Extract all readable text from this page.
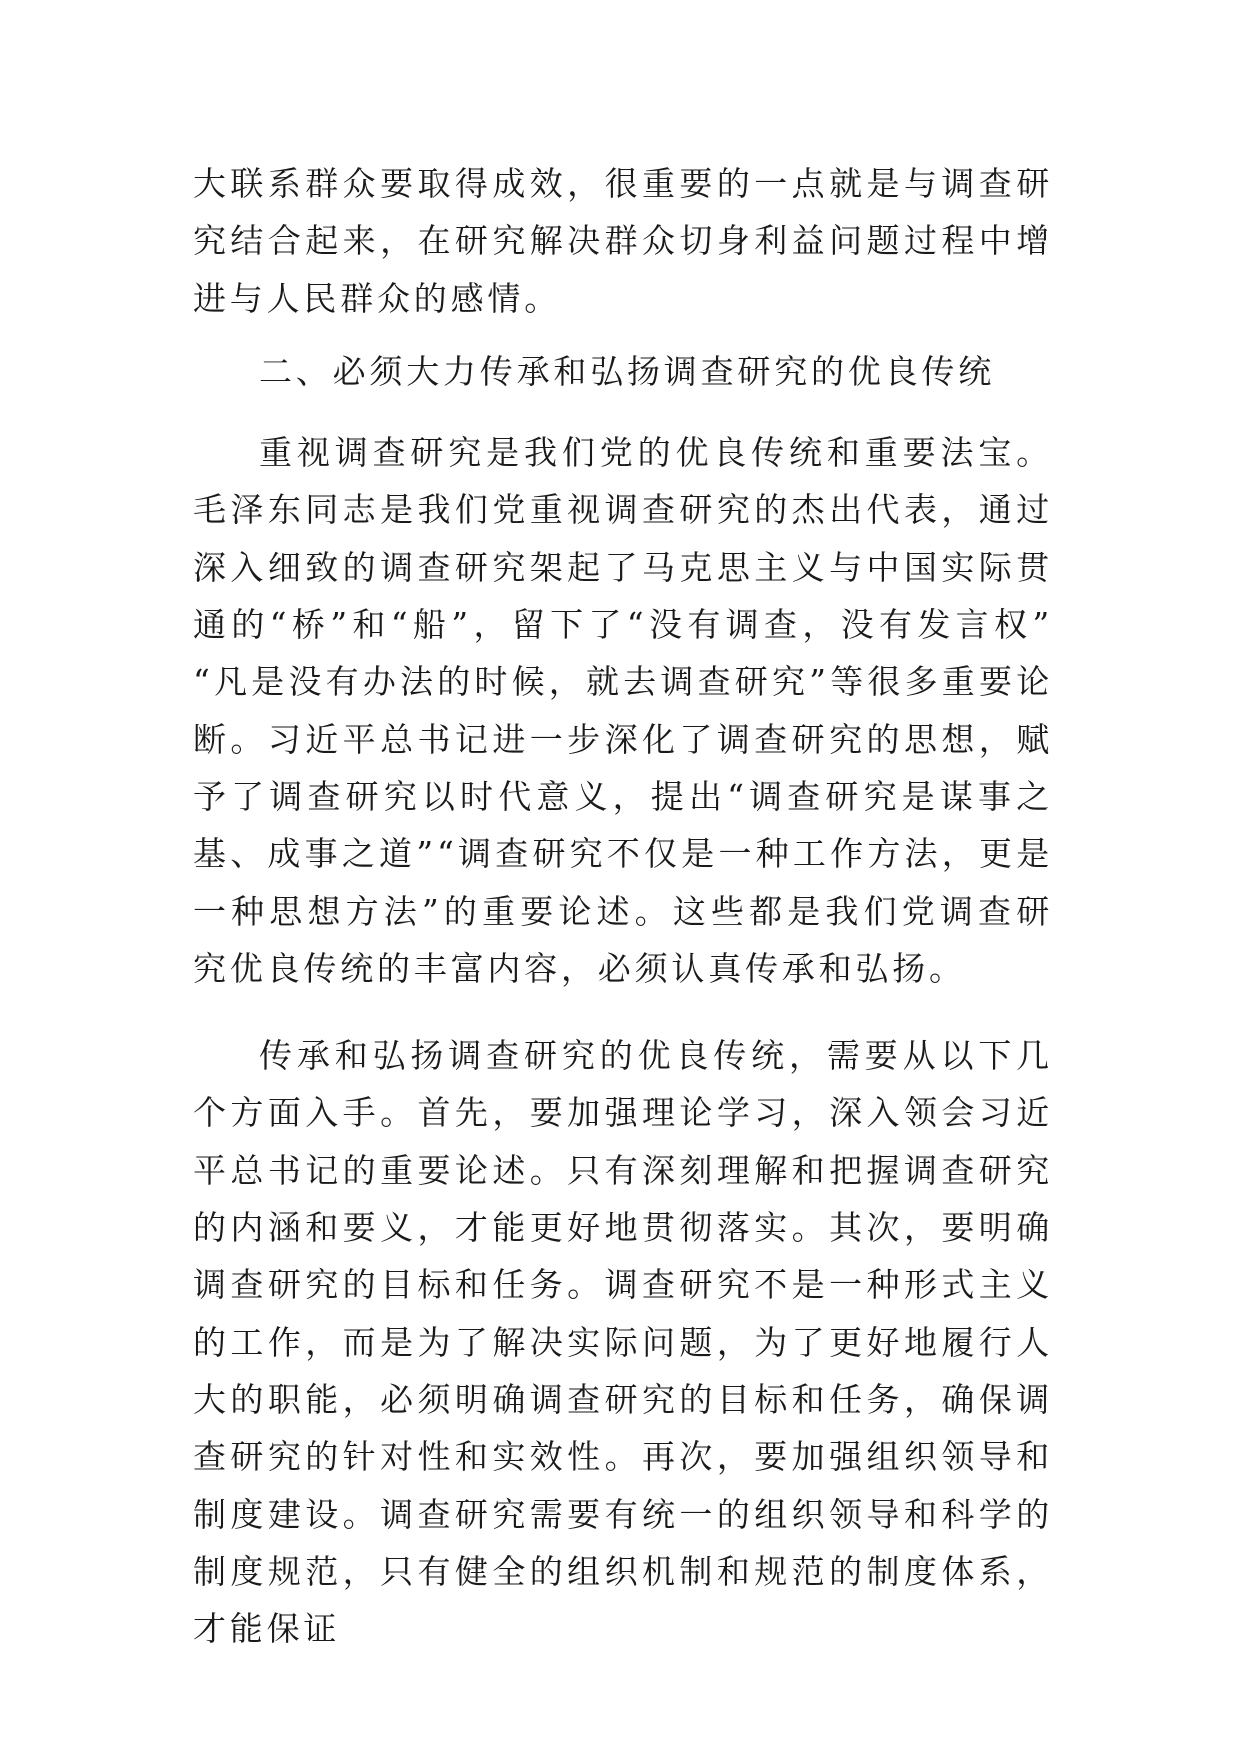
大联系群众要取得成效，很重要的一点就是与调查研究结合起来，在研究解决群众切身利益问题过程中增进与人民群众的感情。

二、必须大力传承和弘扬调查研究的优良传统

重视调查研究是我们党的优良传统和重要法宝。毛泽东同志是我们党重视调查研究的杰出代表，通过深入细致的调查研究架起了马克思主义与中国实际贯通的“桥”和“船”，留下了“没有调查，没有发言权” “凡是没有办法的时候，就去调查研究”等很多重要论断。习近平总书记进一步深化了调查研究的思想，赋予了调查研究以时代意义，提出“调查研究是谋事之基、成事之道”“调查研究不仅是一种工作方法，更是一种思想方法”的重要论述。这些都是我们党调查研究优良传统的丰富内容，必须认真传承和弘扬。

传承和弘扬调查研究的优良传统，需要从以下几个方面入手。首先，要加强理论学习，深入领会习近平总书记的重要论述。只有深刻理解和把握调查研究的内涵和要义，才能更好地贯彻落实。其次，要明确调查研究的目标和任务。调查研究不是一种形式主义的工作，而是为了解决实际问题，为了更好地履行人大的职能，必须明确调查研究的目标和任务，确保调查研究的针对性和实效性。再次，要加强组织领导和制度建设。调查研究需要有统一的组织领导和科学的制度规范，只有健全的组织机制和规范的制度体系，才能保证
